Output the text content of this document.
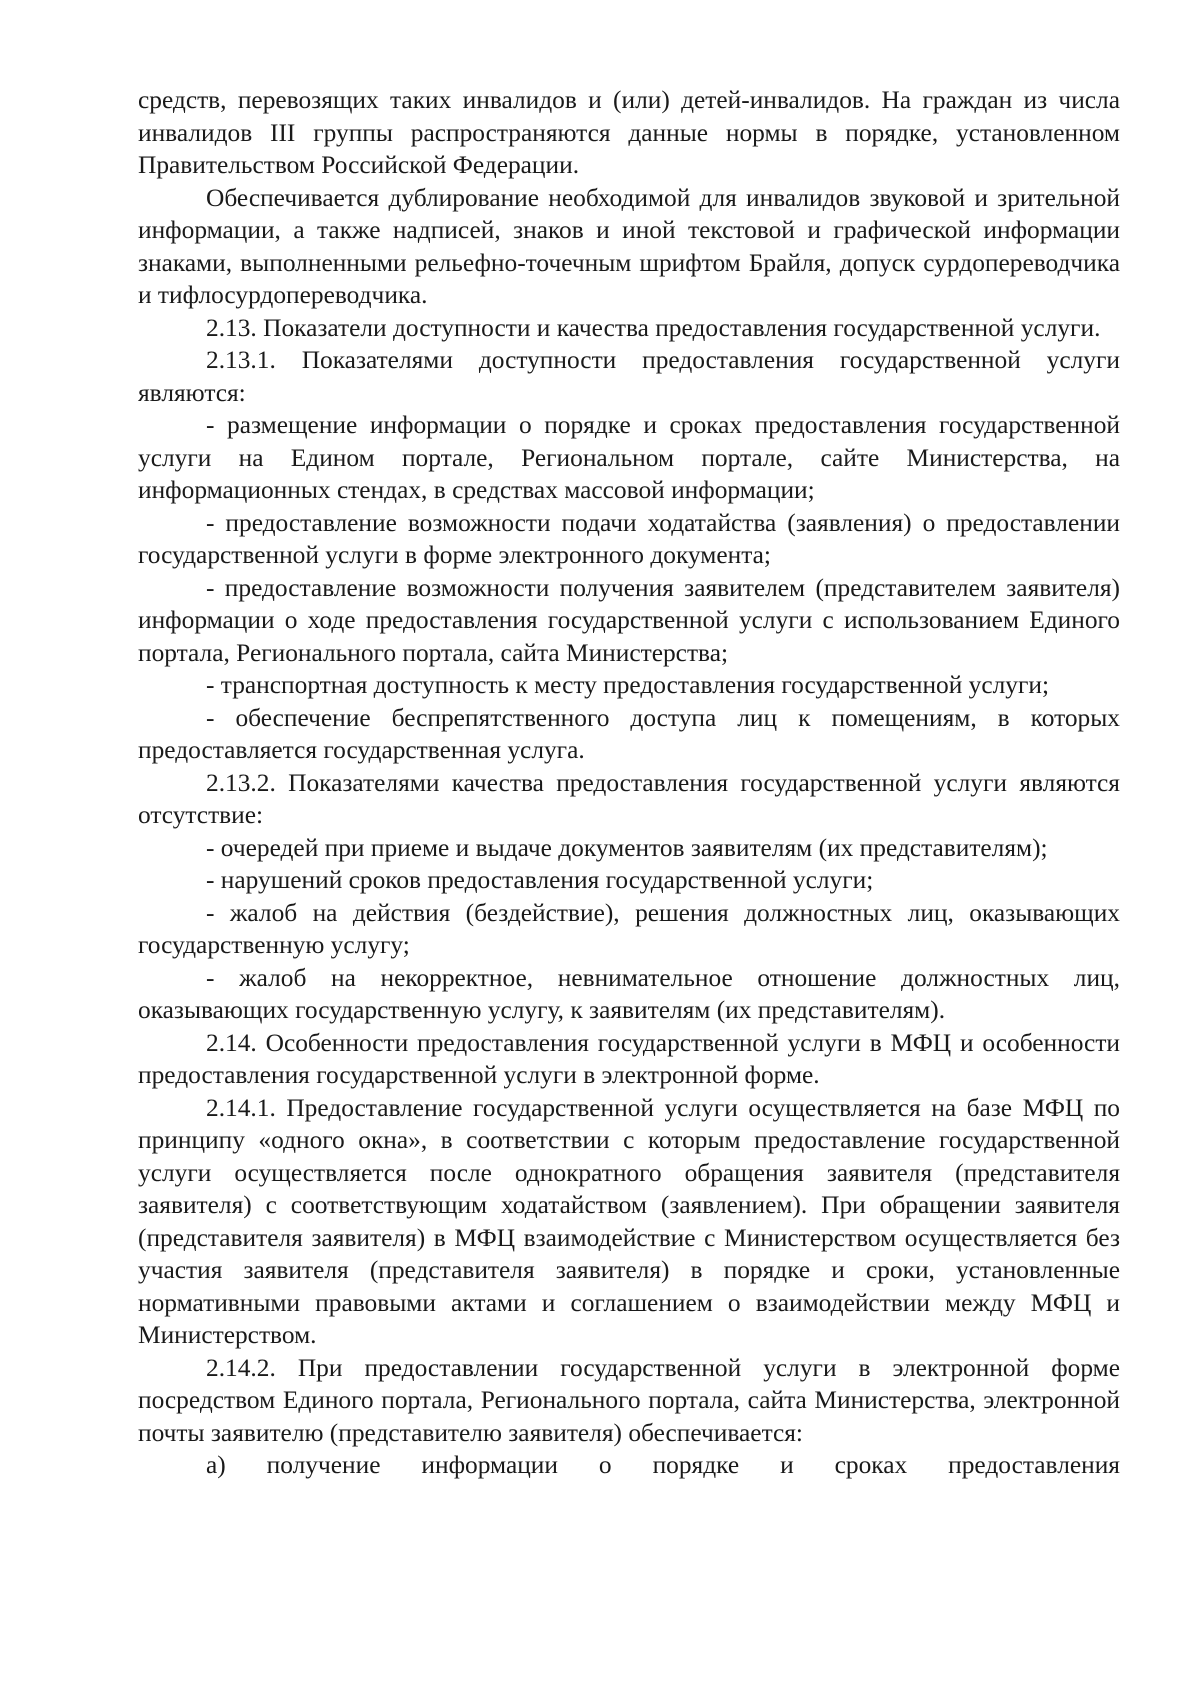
средств, перевозящих таких инвалидов и (или) детей-инвалидов. На граждан из числа инвалидов III группы распространяются данные нормы в порядке, установленном Правительством Российской Федерации.

Обеспечивается дублирование необходимой для инвалидов звуковой и зрительной информации, а также надписей, знаков и иной текстовой и графической информации знаками, выполненными рельефно-точечным шрифтом Брайля, допуск сурдопереводчика и тифлосурдопереводчика.

2.13. Показатели доступности и качества предоставления государственной услуги.

2.13.1. Показателями доступности предоставления государственной услуги являются:

- размещение информации о порядке и сроках предоставления государственной услуги на Едином портале, Региональном портале, сайте Министерства, на информационных стендах, в средствах массовой информации;

- предоставление возможности подачи ходатайства (заявления) о предоставлении государственной услуги в форме электронного документа;

- предоставление возможности получения заявителем (представителем заявителя) информации о ходе предоставления государственной услуги с использованием Единого портала, Регионального портала, сайта Министерства;

- транспортная доступность к месту предоставления государственной услуги;

- обеспечение беспрепятственного доступа лиц к помещениям, в которых предоставляется государственная услуга.

2.13.2. Показателями качества предоставления государственной услуги являются отсутствие:

- очередей при приеме и выдаче документов заявителям (их представителям);

- нарушений сроков предоставления государственной услуги;

- жалоб на действия (бездействие), решения должностных лиц, оказывающих государственную услугу;

- жалоб на некорректное, невнимательное отношение должностных лиц, оказывающих государственную услугу, к заявителям (их представителям).

2.14. Особенности предоставления государственной услуги в МФЦ и особенности предоставления государственной услуги в электронной форме.

2.14.1. Предоставление государственной услуги осуществляется на базе МФЦ по принципу «одного окна», в соответствии с которым предоставление государственной услуги осуществляется после однократного обращения заявителя (представителя заявителя) с соответствующим ходатайством (заявлением). При обращении заявителя (представителя заявителя) в МФЦ взаимодействие с Министерством осуществляется без участия заявителя (представителя заявителя) в порядке и сроки, установленные нормативными правовыми актами и соглашением о взаимодействии между МФЦ и Министерством.

2.14.2. При предоставлении государственной услуги в электронной форме посредством Единого портала, Регионального портала, сайта Министерства, электронной почты заявителю (представителю заявителя) обеспечивается:

а) получение информации о порядке и сроках предоставления
